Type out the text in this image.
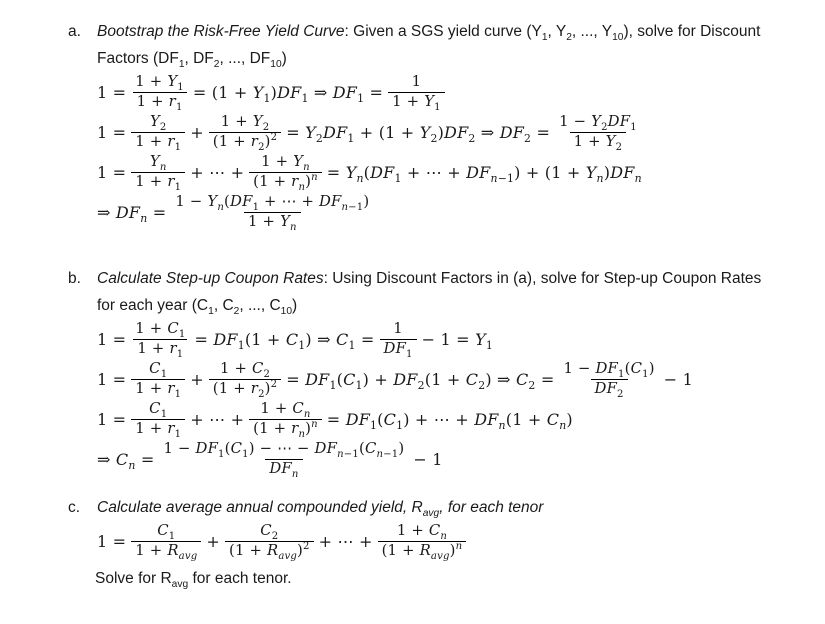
a.	Bootstrap the Risk-Free Yield Curve: Given a SGS yield curve ($Y_1$, $Y_2$, ..., $Y_{10}$), solve for Discount
Factors ($DF_1$, $DF_2$, ..., $DF_{10}$)
$1 = \frac{1 + Y_1}{1 + r_1} = (1 + Y_1)DF_1$ ⇒ $DF_1 = \frac{1}{1 + Y_1}$
$1 = \frac{Y_2}{1 + r_1} + \frac{1 + Y_2}{(1 + r_2)^2} = Y_2DF_1 + (1 + Y_2)DF_2$ ⇒ $DF_2 = \frac{1 - Y_2DF_1}{1 + Y_2}$
$1 = \frac{Y_n}{1 + r_1}$ + ⋯ + $\frac{1 + Y_n}{(1 + r_n)^n} = Y_n(DF_1$ + ⋯ + $DF_{n-1}) + (1 + Y_n)DF_n$
⇒ $DF_n = \frac{1 - Y_n(DF_1 + \cdots + DF_{n-1})}{1 + Y_n}$
b.	Calculate Step-up Coupon Rates: Using Discount Factors in (a), solve for Step-up Coupon Rates
for each year ($C_1$, $C_2$, ..., $C_{10}$)
$1 = \frac{1 + C_1}{1 + r_1} = DF_1(1 + C_1)$ ⇒ $C_1 = \frac{1}{DF_1} - 1 = Y_1$
$1 = \frac{C_1}{1 + r_1} + \frac{1 + C_2}{(1 + r_2)^2} = DF_1(C_1) + DF_2(1 + C_2)$ ⇒ $C_2 = \frac{1 - DF_1(C_1)}{DF_2} - 1$
$1 = \frac{C_1}{1 + r_1}$ + ⋯ + $\frac{1 + C_n}{(1 + r_n)^n} = DF_1(C_1)$ + ⋯ + $DF_n(1 + C_n)$
⇒ $C_n = \frac{1 - DF_1(C_1) - \cdots - DF_{n-1}(C_{n-1})}{DF_n} - 1$
c.	Calculate average annual compounded yield, $R_{avg}$, for each tenor
$1 = \frac{C_1}{1 + R_{avg}} + \frac{C_2}{(1 + R_{avg})^2}$ + ⋯ + $\frac{1 + C_n}{(1 + R_{avg})^n}$
Solve for $R_{avg}$ for each tenor.
